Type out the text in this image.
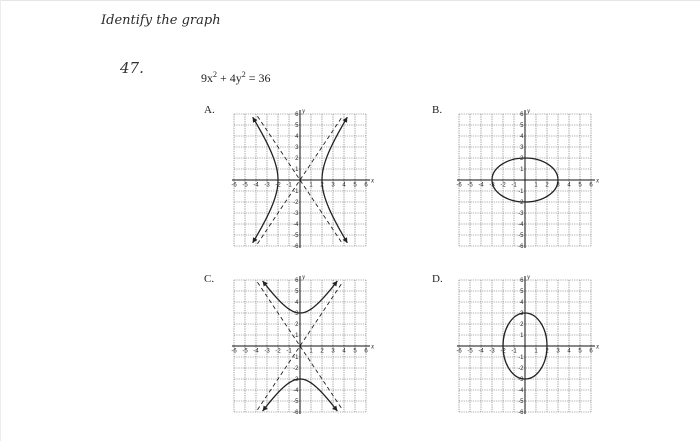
Identify the graph
47.
$9x^2 + 4y^2 = 36$
A.	B.
C.	D.
-6 -5 -4 -3 -2 -1	1 2 3 4 5 6
6
5
4
3
2
1
-1
-2
-3
-4
-5
-6
x
y
-6 -5 -4 -3 -2 -1	1 2 3 4 5 6
6
5
4
3
2
1
-1
-2
-3
-4
-5
-6
x
y
-6 -5 -4 -3 -2 -1	1 2 3 4 5 6
6
5
4
3
2
1
-1
-2
-3
-4
-5
-6
x
y
-6 -5 -4 -3 -2 -1	1 2 3 4 5 6
6
5
4
3
2
1
-1
-2
-3
-4
-5
-6
x
y
